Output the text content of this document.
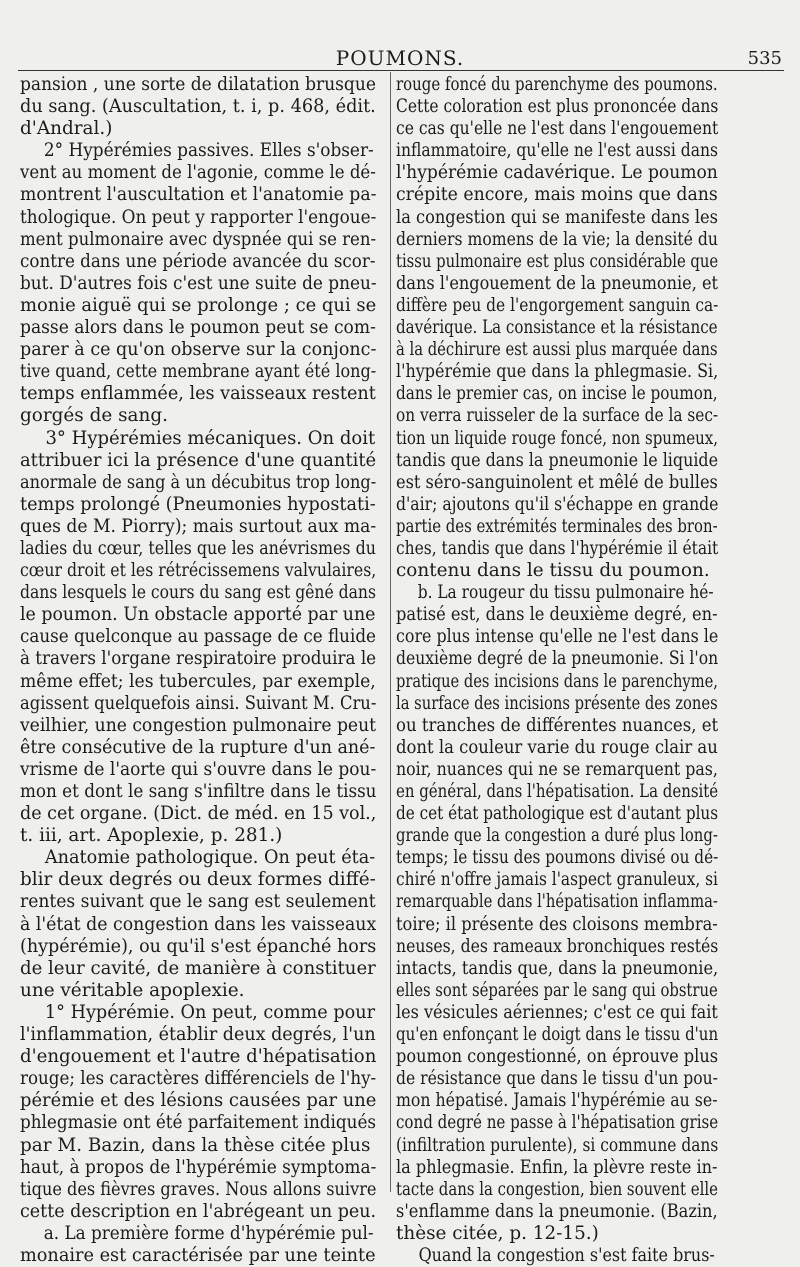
POUMONS.	535
pansion , une sorte de dilatation brusque
du sang. (Auscultation, t. i, p. 468, édit.
d'Andral.)
2° Hypérémies passives. Elles s'obser-
vent au moment de l'agonie, comme le dé-
montrent l'auscultation et l'anatomie pa-
thologique. On peut y rapporter l'engoue-
ment pulmonaire avec dyspnée qui se ren-
contre dans une période avancée du scor-
but. D'autres fois c'est une suite de pneu-
monie aiguë qui se prolonge ; ce qui se
passe alors dans le poumon peut se com-
parer à ce qu'on observe sur la conjonc-
tive quand, cette membrane ayant été long-
temps enflammée, les vaisseaux restent
gorgés de sang.
3° Hypérémies mécaniques. On doit
attribuer ici la présence d'une quantité
anormale de sang à un décubitus trop long-
temps prolongé (Pneumonies hypostati-
ques de M. Piorry); mais surtout aux ma-
ladies du cœur, telles que les anévrismes du
cœur droit et les rétrécissemens valvulaires,
dans lesquels le cours du sang est gêné dans
le poumon. Un obstacle apporté par une
cause quelconque au passage de ce fluide
à travers l'organe respiratoire produira le
même effet; les tubercules, par exemple,
agissent quelquefois ainsi. Suivant M. Cru-
veilhier, une congestion pulmonaire peut
être consécutive de la rupture d'un ané-
vrisme de l'aorte qui s'ouvre dans le pou-
mon et dont le sang s'infiltre dans le tissu
de cet organe. (Dict. de méd. en 15 vol.,
t. iii, art. Apoplexie, p. 281.)
Anatomie pathologique. On peut éta-
blir deux degrés ou deux formes diffé-
rentes suivant que le sang est seulement
à l'état de congestion dans les vaisseaux
(hypérémie), ou qu'il s'est épanché hors
de leur cavité, de manière à constituer
une véritable apoplexie.
1° Hypérémie. On peut, comme pour
l'inflammation, établir deux degrés, l'un
d'engouement et l'autre d'hépatisation
rouge; les caractères différenciels de l'hy-
pérémie et des lésions causées par une
phlegmasie ont été parfaitement indiqués
par M. Bazin, dans la thèse citée plus
haut, à propos de l'hypérémie symptoma-
tique des fièvres graves. Nous allons suivre
cette description en l'abrégeant un peu.
a. La première forme d'hypérémie pul-
monaire est caractérisée par une teinte
rouge foncé du parenchyme des poumons.
Cette coloration est plus prononcée dans
ce cas qu'elle ne l'est dans l'engouement
inflammatoire, qu'elle ne l'est aussi dans
l'hypérémie cadavérique. Le poumon
crépite encore, mais moins que dans
la congestion qui se manifeste dans les
derniers momens de la vie; la densité du
tissu pulmonaire est plus considérable que
dans l'engouement de la pneumonie, et
diffère peu de l'engorgement sanguin ca-
davérique. La consistance et la résistance
à la déchirure est aussi plus marquée dans
l'hypérémie que dans la phlegmasie. Si,
dans le premier cas, on incise le poumon,
on verra ruisseler de la surface de la sec-
tion un liquide rouge foncé, non spumeux,
tandis que dans la pneumonie le liquide
est séro-sanguinolent et mêlé de bulles
d'air; ajoutons qu'il s'échappe en grande
partie des extrémités terminales des bron-
ches, tandis que dans l'hypérémie il était
contenu dans le tissu du poumon.
b. La rougeur du tissu pulmonaire hé-
patisé est, dans le deuxième degré, en-
core plus intense qu'elle ne l'est dans le
deuxième degré de la pneumonie. Si l'on
pratique des incisions dans le parenchyme,
la surface des incisions présente des zones
ou tranches de différentes nuances, et
dont la couleur varie du rouge clair au
noir, nuances qui ne se remarquent pas,
en général, dans l'hépatisation. La densité
de cet état pathologique est d'autant plus
grande que la congestion a duré plus long-
temps; le tissu des poumons divisé ou dé-
chiré n'offre jamais l'aspect granuleux, si
remarquable dans l'hépatisation inflamma-
toire; il présente des cloisons membra-
neuses, des rameaux bronchiques restés
intacts, tandis que, dans la pneumonie,
elles sont séparées par le sang qui obstrue
les vésicules aériennes; c'est ce qui fait
qu'en enfonçant le doigt dans le tissu d'un
poumon congestionné, on éprouve plus
de résistance que dans le tissu d'un pou-
mon hépatisé. Jamais l'hypérémie au se-
cond degré ne passe à l'hépatisation grise
(infiltration purulente), si commune dans
la phlegmasie. Enfin, la plèvre reste in-
tacte dans la congestion, bien souvent elle
s'enflamme dans la pneumonie. (Bazin,
thèse citée, p. 12-15.)
Quand la congestion s'est faite brus-
